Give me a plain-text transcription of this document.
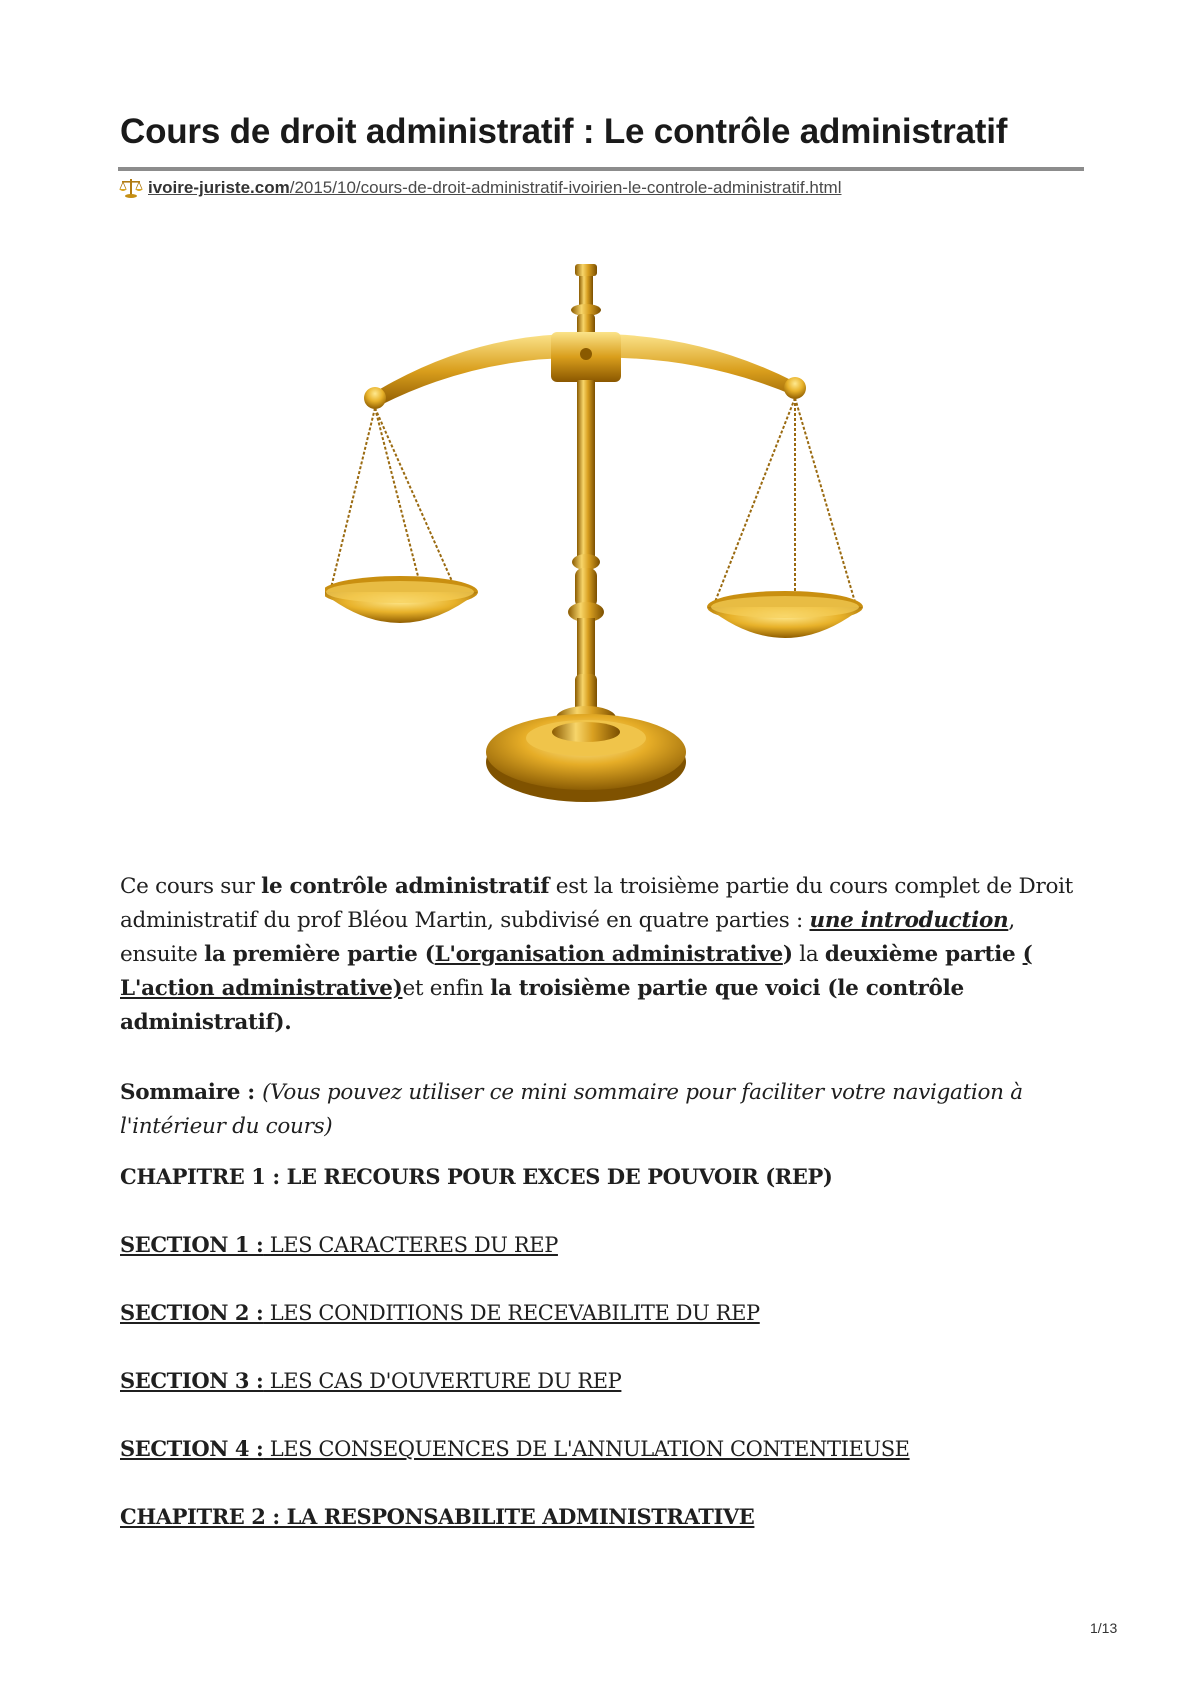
Cours de droit administratif : Le contrôle administratif
ivoire-juriste.com/2015/10/cours-de-droit-administratif-ivoirien-le-controle-administratif.html

Ce cours sur le contrôle administratif est la troisième partie du cours complet de Droit administratif du prof Bléou Martin, subdivisé en quatre parties : une introduction, ensuite la première partie (L'organisation administrative) la deuxième partie ( L'action administrative)et enfin la troisième partie que voici (le contrôle administratif).

Sommaire : (Vous pouvez utiliser ce mini sommaire pour faciliter votre navigation à l'intérieur du cours)

CHAPITRE 1 : LE RECOURS POUR EXCES DE POUVOIR (REP)
SECTION 1 : LES CARACTERES DU REP
SECTION 2 : LES CONDITIONS DE RECEVABILITE DU REP
SECTION 3 : LES CAS D'OUVERTURE DU REP
SECTION 4 : LES CONSEQUENCES DE L'ANNULATION CONTENTIEUSE
CHAPITRE 2 : LA RESPONSABILITE ADMINISTRATIVE
1/13
